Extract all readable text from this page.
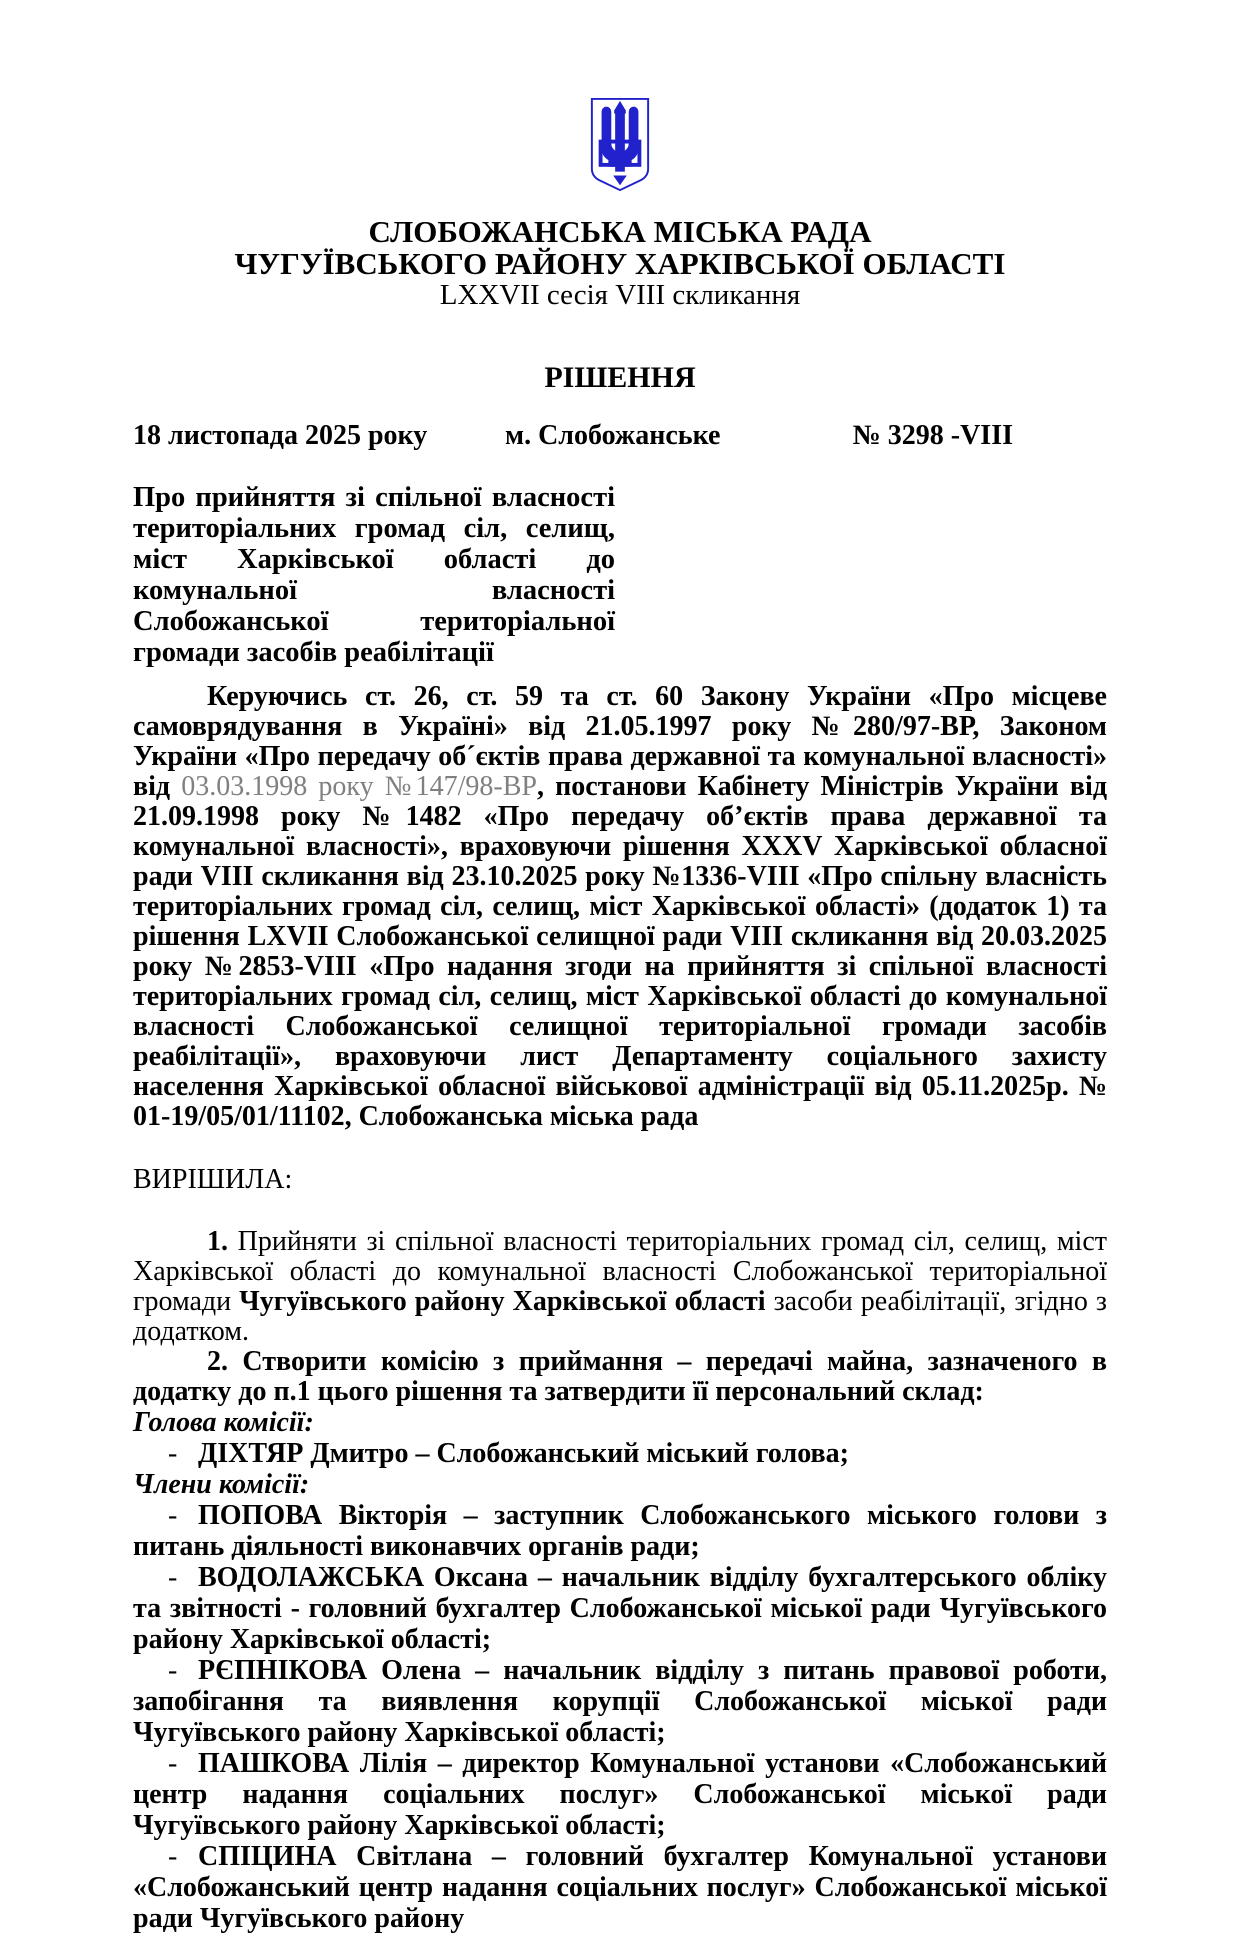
СЛОБОЖАНСЬКА МІСЬКА РАДА
ЧУГУЇВСЬКОГО РАЙОНУ ХАРКІВСЬКОЇ ОБЛАСТІ
LXXVII сесія VIII скликання
РІШЕННЯ
18 листопада 2025 року	м. Слобожанське	№ 3298 -VIII
Про прийняття зі спільної власності територіальних громад сіл, селищ, міст Харківської області до комунальної власності Слобожанської територіальної громади засобів реабілітації

Керуючись ст. 26, ст. 59 та ст. 60 Закону України «Про місцеве самоврядування в Україні» від 21.05.1997 року №280/97-ВР, Законом України «Про передачу об´єктів права державної та комунальної власності» від 03.03.1998 року №147/98-ВР, постанови Кабінету Міністрів України від 21.09.1998 року №1482 «Про передачу об’єктів права державної та комунальної власності», враховуючи рішення XXXV Харківської обласної ради VIII скликання від 23.10.2025 року №1336-VIII «Про спільну власність територіальних громад сіл, селищ, міст Харківської області» (додаток 1) та рішення LXVII Слобожанської селищної ради VIII скликання від 20.03.2025 року №2853-VIII «Про надання згоди на прийняття зі спільної власності територіальних громад сіл, селищ, міст Харківської області до комунальної власності Слобожанської селищної територіальної громади засобів реабілітації», враховуючи лист Департаменту соціального захисту населення Харківської обласної військової адміністрації від 05.11.2025р. № 01-19/05/01/11102, Слобожанська міська рада

ВИРІШИЛА:

1. Прийняти зі спільної власності територіальних громад сіл, селищ, міст Харківської області до комунальної власності Слобожанської територіальної громади Чугуївського району Харківської області засоби реабілітації, згідно з додатком.

2. Створити комісію з приймання – передачі майна, зазначеного в додатку до п.1 цього рішення та затвердити її персональний склад:

Голова комісії:

- ДІХТЯР Дмитро – Слобожанський міський голова;

Члени комісії:

- ПОПОВА Вікторія – заступник Слобожанського міського голови з питань діяльності виконавчих органів ради;

- ВОДОЛАЖСЬКА Оксана – начальник відділу бухгалтерського обліку та звітності - головний бухгалтер Слобожанської міської ради Чугуївського району Харківської області;

- РЄПНІКОВА Олена – начальник відділу з питань правової роботи, запобігання та виявлення корупції Слобожанської міської ради Чугуївського району Харківської області;

- ПАШКОВА Лілія – директор Комунальної установи «Слобожанський центр надання соціальних послуг» Слобожанської міської ради Чугуївського району Харківської області;

- СПІЦИНА Світлана – головний бухгалтер Комунальної установи «Слобожанський центр надання соціальних послуг» Слобожанської міської ради Чугуївського району
